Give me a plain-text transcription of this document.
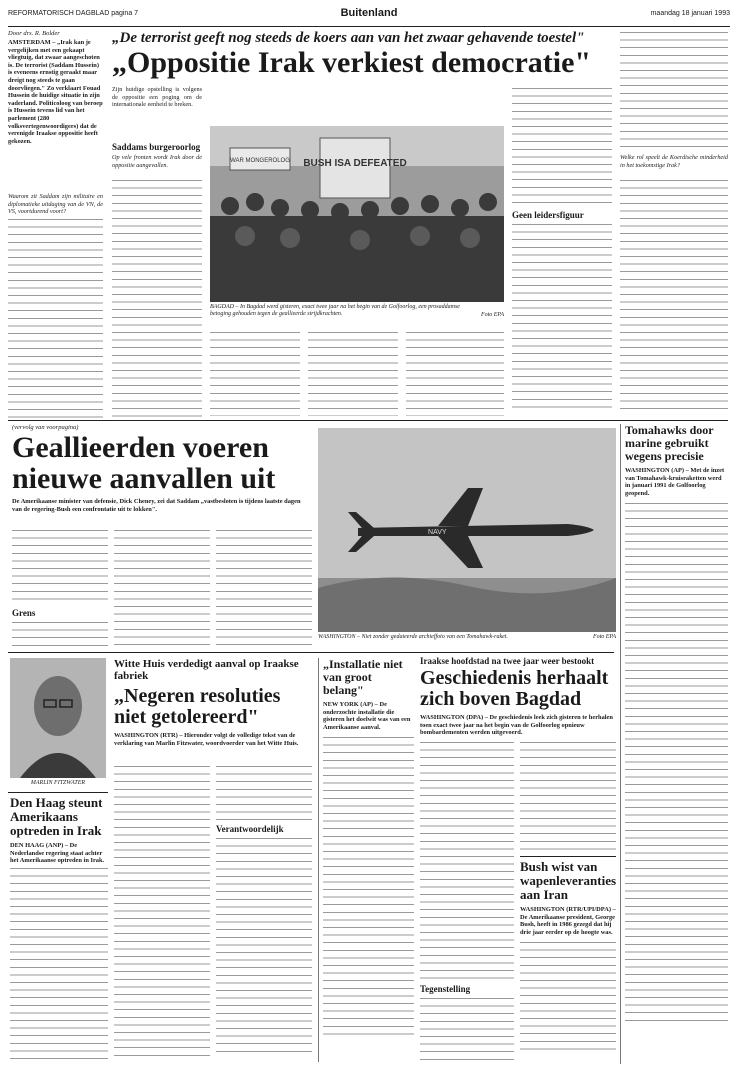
REFORMATORISCH DAGBLAD pagina 7	Buitenland	maandag 18 januari 1993
Door drs. R. Bolder
AMSTERDAM – „Irak kan je vergelijken met een gekaapt vliegtuig, dat zwaar aangeschoten is. De terrorist (Saddam Hussein) is eveneens ernstig geraakt maar dreigt nog steeds te gaan doorvliegen." Zo verklaart Fouad Hussein de huidige situatie in zijn vaderland. Politicoloog van beroep is Hussein tevens lid van het parlement (280 volksvertegenwoordigers) dat de verenigde Iraakse oppositie heeft gekozen.
Waarom zit Saddam zijn militaire en diplomatieke uitdaging van de VN, de VS, voortdurend voort?
„De terrorist geeft nog steeds de koers aan van het zwaar gehavende toestel"
„Oppositie Irak verkiest democratie"
Zijn huidige opstelling is volgens de oppositie een poging om de internationale eenheid te breken.
Saddams burgeroorlog
Op vele fronten wordt Irak door de oppositie aangevallen.	BUSH ISA DEFEATED
WAR MONGEROLOG
BAGDAD – In Bagdad werd gisteren, exact twee jaar na het begin van de Golfoorlog, een prosaddamse betoging gehouden tegen de geallieerde strijdkrachten.	Foto EPA
Geen leidersfiguur
Welke rol speelt de Koerdische minderheid in het toekomstige Irak?
(vervolg van voorpagina)
Geallieerden voeren
nieuwe aanvallen uit
De Amerikaanse minister van defensie, Dick Cheney, zei dat Saddam „vastbesloten is tijdens laatste dagen van de regering-Bush een confrontatie uit te lokken".
Grens
NAVY
WASHINGTON – Niet zonder gedateerde archieffoto van een Tomahawk-raket.	Foto EPA
Tomahawks door marine gebruikt wegens precisie
WASHINGTON (AP) – Met de inzet van Tomahawk-kruisraketten werd in januari 1991 de Golfoorlog geopend.
MARLIN FITZWATER
Den Haag steunt Amerikaans optreden in Irak
DEN HAAG (ANP) – De Nederlandse regering staat achter het Amerikaanse optreden in Irak.
Witte Huis verdedigt aanval op Iraakse fabriek
„Negeren resoluties niet getolereerd"
WASHINGTON (RTR) – Hieronder volgt de volledige tekst van de verklaring van Marlin Fitzwater, woordvoerder van het Witte Huis.
Verantwoordelijk
„Installatie niet van groot belang"
NEW YORK (AP) – De onderzochte installatie die gisteren het doelwit was van een Amerikaanse aanval.
Iraakse hoofdstad na twee jaar weer bestookt
Geschiedenis herhaalt zich boven Bagdad
WASHINGTON (DPA) – De geschiedenis leek zich gisteren te herhalen toen exact twee jaar na het begin van de Golfoorlog opnieuw bombardementen werden uitgevoerd.
Tegenstelling
Bush wist van wapenleveranties aan Iran
WASHINGTON (RTR/UPI/DPA) – De Amerikaanse president, George Bush, heeft in 1986 gezegd dat hij drie jaar eerder op de hoogte was.
